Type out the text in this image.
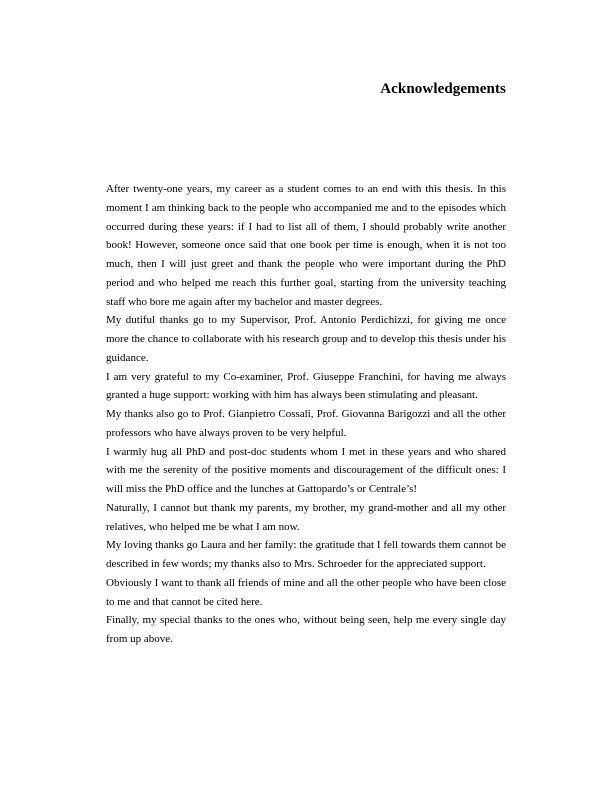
Acknowledgements

After twenty-one years, my career as a student comes to an end with this thesis. In this moment I am thinking back to the people who accompanied me and to the episodes which occurred during these years: if I had to list all of them, I should probably write another book! However, someone once said that one book per time is enough, when it is not too much, then I will just greet and thank the people who were important during the PhD period and who helped me reach this further goal, starting from the university teaching staff who bore me again after my bachelor and master degrees.

My dutiful thanks go to my Supervisor, Prof. Antonio Perdichizzi, for giving me once more the chance to collaborate with his research group and to develop this thesis under his guidance.

I am very grateful to my Co-examiner, Prof. Giuseppe Franchini, for having me always granted a huge support: working with him has always been stimulating and pleasant.

My thanks also go to Prof. Gianpietro Cossali, Prof. Giovanna Barigozzi and all the other professors who have always proven to be very helpful.

I warmly hug all PhD and post-doc students whom I met in these years and who shared with me the serenity of the positive moments and discouragement of the difficult ones: I will miss the PhD office and the lunches at Gattopardo’s or Centrale’s!

Naturally, I cannot but thank my parents, my brother, my grand-mother and all my other relatives, who helped me be what I am now.

My loving thanks go Laura and her family: the gratitude that I fell towards them cannot be described in few words; my thanks also to Mrs. Schroeder for the appreciated support.

Obviously I want to thank all friends of mine and all the other people who have been close to me and that cannot be cited here.

Finally, my special thanks to the ones who, without being seen, help me every single day from up above.
